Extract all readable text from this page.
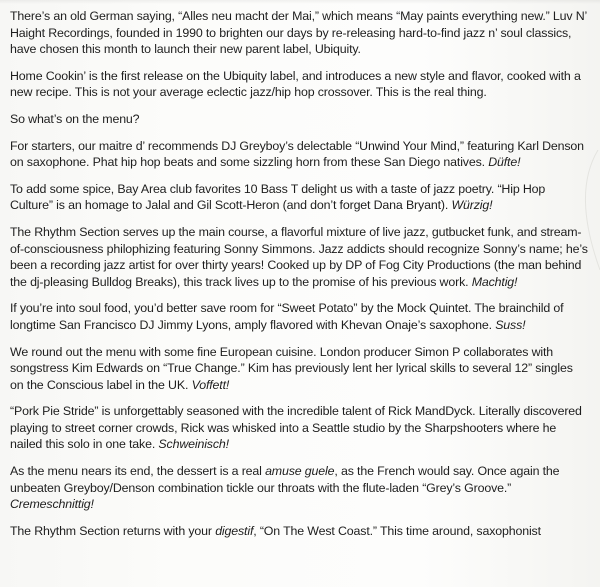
There’s an old German saying, “Alles neu macht der Mai,” which means “May paints everything new.” Luv N’ Haight Recordings, founded in 1990 to brighten our days by re-releasing hard-to-find jazz n’ soul classics, have chosen this month to launch their new parent label, Ubiquity.

Home Cookin’ is the first release on the Ubiquity label, and introduces a new style and flavor, cooked with a new recipe. This is not your average eclectic jazz/hip hop crossover. This is the real thing.

So what’s on the menu?

For starters, our maitre d’ recommends DJ Greyboy’s delectable “Unwind Your Mind,” featuring Karl Denson on saxophone. Phat hip hop beats and some sizzling horn from these San Diego natives. Düfte!

To add some spice, Bay Area club favorites 10 Bass T delight us with a taste of jazz poetry. “Hip Hop Culture” is an homage to Jalal and Gil Scott-Heron (and don’t forget Dana Bryant). Würzig!

The Rhythm Section serves up the main course, a flavorful mixture of live jazz, gutbucket funk, and stream-of-consciousness philophizing featuring Sonny Simmons. Jazz addicts should recognize Sonny’s name; he’s been a recording jazz artist for over thirty years! Cooked up by DP of Fog City Productions (the man behind the dj-pleasing Bulldog Breaks), this track lives up to the promise of his previous work. Machtig!

If you’re into soul food, you’d better save room for “Sweet Potato” by the Mock Quintet. The brainchild of longtime San Francisco DJ Jimmy Lyons, amply flavored with Khevan Onaje’s saxophone. Suss!

We round out the menu with some fine European cuisine. London producer Simon P collaborates with songstress Kim Edwards on “True Change.” Kim has previously lent her lyrical skills to several 12” singles on the Conscious label in the UK. Voffett!

“Pork Pie Stride” is unforgettably seasoned with the incredible talent of Rick MandDyck. Literally discovered playing to street corner crowds, Rick was whisked into a Seattle studio by the Sharpshooters where he nailed this solo in one take. Schweinisch!

As the menu nears its end, the dessert is a real amuse guele, as the French would say. Once again the unbeaten Greyboy/Denson combination tickle our throats with the flute-laden “Grey’s Groove.” Cremeschnittig!

The Rhythm Section returns with your digestif, “On The West Coast.” This time around, saxophonist
